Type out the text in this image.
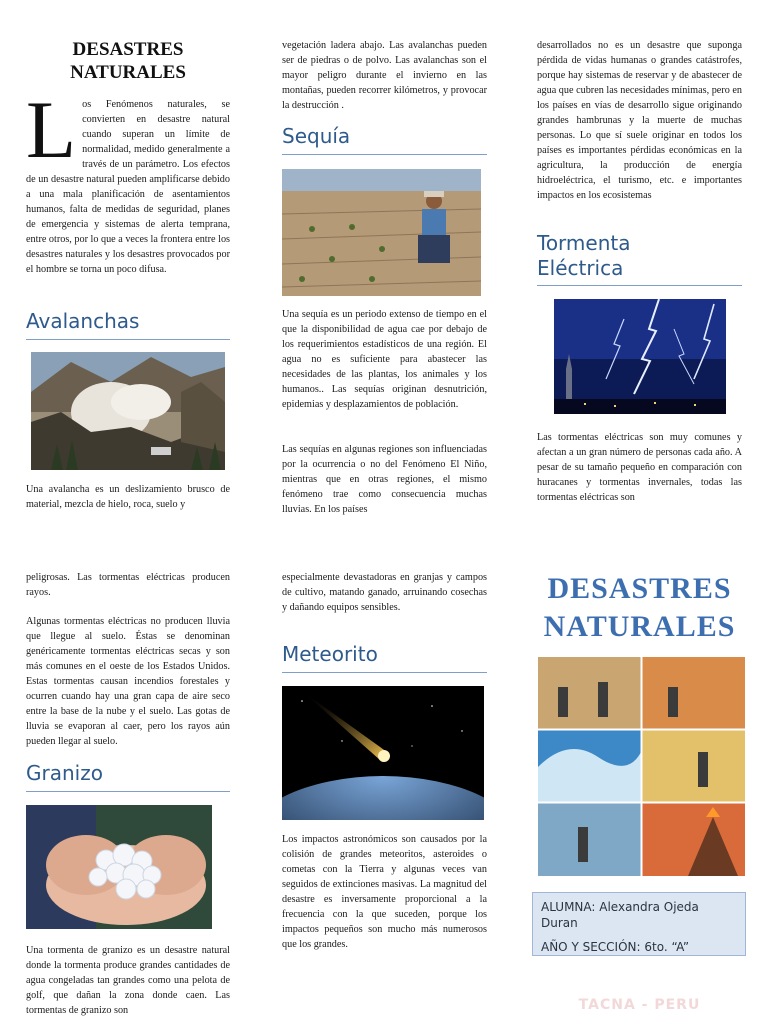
DESASTRES NATURALES

Los Fenómenos naturales, se convierten en desastre natural cuando superan un límite de normalidad, medido generalmente a través de un parámetro. Los efectos de un desastre natural pueden amplificarse debido a una mala planificación de asentamientos humanos, falta de medidas de seguridad, planes de emergencia y sistemas de alerta temprana, entre otros, por lo que a veces la frontera entre los desastres naturales y los desastres provocados por el hombre se torna un poco difusa.

Avalanchas

Una avalancha es un deslizamiento brusco de material, mezcla de hielo, roca, suelo y

vegetación ladera abajo. Las avalanchas pueden ser de piedras o de polvo. Las avalanchas son el mayor peligro durante el invierno en las montañas, pueden recorrer kilómetros, y provocar la destrucción .

Sequía

Una sequía es un periodo extenso de tiempo en el que la disponibilidad de agua cae por debajo de los requerimientos estadísticos de una región. El agua no es suficiente para abastecer las necesidades de las plantas, los animales y los humanos.. Las sequías originan desnutrición, epidemias y desplazamientos de población.

Las sequías en algunas regiones son influenciadas por la ocurrencia o no del Fenómeno El Niño, mientras que en otras regiones, el mismo fenómeno trae como consecuencia muchas lluvias. En los países

desarrollados no es un desastre que suponga pérdida de vidas humanas o grandes catástrofes, porque hay sistemas de reservar y de abastecer de agua que cubren las necesidades mínimas, pero en los países en vías de desarrollo sigue originando grandes hambrunas y la muerte de muchas personas. Lo que sí suele originar en todos los países es importantes pérdidas económicas en la agricultura, la producción de energía hidroeléctrica, el turismo, etc. e importantes impactos en los ecosistemas

Tormenta
Eléctrica

Las tormentas eléctricas son muy comunes y afectan a un gran número de personas cada año. A pesar de su tamaño pequeño en comparación con huracanes y tormentas invernales, todas las tormentas eléctricas son

peligrosas. Las tormentas eléctricas producen rayos.

Algunas tormentas eléctricas no producen lluvia que llegue al suelo. Éstas se denominan genéricamente tormentas eléctricas secas y son más comunes en el oeste de los Estados Unidos. Estas tormentas causan incendios forestales y ocurren cuando hay una gran capa de aire seco entre la base de la nube y el suelo. Las gotas de lluvia se evaporan al caer, pero los rayos aún pueden llegar al suelo.

Granizo

Una tormenta de granizo es un desastre natural donde la tormenta produce grandes cantidades de agua congeladas tan grandes como una pelota de golf, que dañan la zona donde caen. Las tormentas de granizo son

especialmente devastadoras en granjas y campos de cultivo, matando ganado, arruinando cosechas y dañando equipos sensibles.

Meteorito

Los impactos astronómicos son causados por la colisión de grandes meteoritos, asteroides o cometas con la Tierra y algunas veces van seguidos de extinciones masivas. La magnitud del desastre es inversamente proporcional a la frecuencia con la que suceden, porque los impactos pequeños son mucho más numerosos que los grandes.

DESASTRES
NATURALES

ALUMNA: Alexandra Ojeda Duran

AÑO Y SECCIÓN: 6to. “A”

TACNA - PERU
